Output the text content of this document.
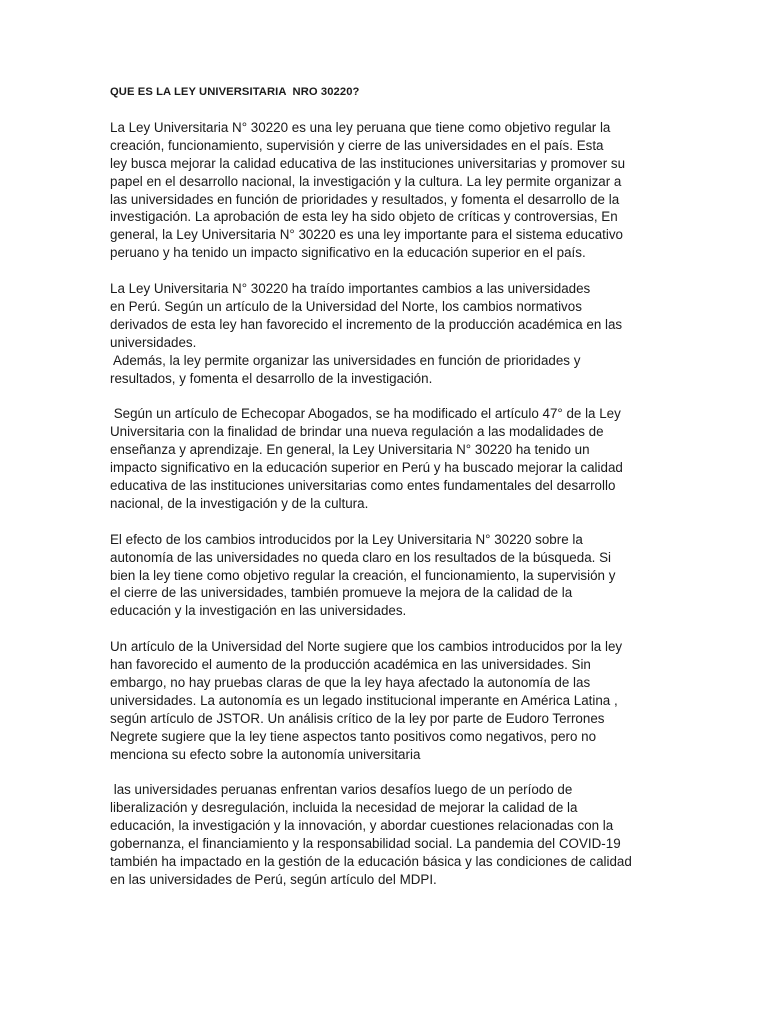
QUE ES LA LEY UNIVERSITARIA  NRO 30220?
La Ley Universitaria N° 30220 es una ley peruana que tiene como objetivo regular la
creación, funcionamiento, supervisión y cierre de las universidades en el país. Esta
ley busca mejorar la calidad educativa de las instituciones universitarias y promover su
papel en el desarrollo nacional, la investigación y la cultura. La ley permite organizar a
las universidades en función de prioridades y resultados, y fomenta el desarrollo de la
investigación. La aprobación de esta ley ha sido objeto de críticas y controversias, En
general, la Ley Universitaria N° 30220 es una ley importante para el sistema educativo
peruano y ha tenido un impacto significativo en la educación superior en el país.
La Ley Universitaria N° 30220 ha traído importantes cambios a las universidades
en Perú. Según un artículo de la Universidad del Norte, los cambios normativos
derivados de esta ley han favorecido el incremento de la producción académica en las
universidades.
Además, la ley permite organizar las universidades en función de prioridades y
resultados, y fomenta el desarrollo de la investigación.
Según un artículo de Echecopar Abogados, se ha modificado el artículo 47° de la Ley
Universitaria con la finalidad de brindar una nueva regulación a las modalidades de
enseñanza y aprendizaje. En general, la Ley Universitaria N° 30220 ha tenido un
impacto significativo en la educación superior en Perú y ha buscado mejorar la calidad
educativa de las instituciones universitarias como entes fundamentales del desarrollo
nacional, de la investigación y de la cultura.
El efecto de los cambios introducidos por la Ley Universitaria N° 30220 sobre la
autonomía de las universidades no queda claro en los resultados de la búsqueda. Si
bien la ley tiene como objetivo regular la creación, el funcionamiento, la supervisión y
el cierre de las universidades, también promueve la mejora de la calidad de la
educación y la investigación en las universidades.
Un artículo de la Universidad del Norte sugiere que los cambios introducidos por la ley
han favorecido el aumento de la producción académica en las universidades. Sin
embargo, no hay pruebas claras de que la ley haya afectado la autonomía de las
universidades. La autonomía es un legado institucional imperante en América Latina ,
según artículo de JSTOR. Un análisis crítico de la ley por parte de Eudoro Terrones
Negrete sugiere que la ley tiene aspectos tanto positivos como negativos, pero no
menciona su efecto sobre la autonomía universitaria
las universidades peruanas enfrentan varios desafíos luego de un período de
liberalización y desregulación, incluida la necesidad de mejorar la calidad de la
educación, la investigación y la innovación, y abordar cuestiones relacionadas con la
gobernanza, el financiamiento y la responsabilidad social. La pandemia del COVID-19
también ha impactado en la gestión de la educación básica y las condiciones de calidad
en las universidades de Perú, según artículo del MDPI.
